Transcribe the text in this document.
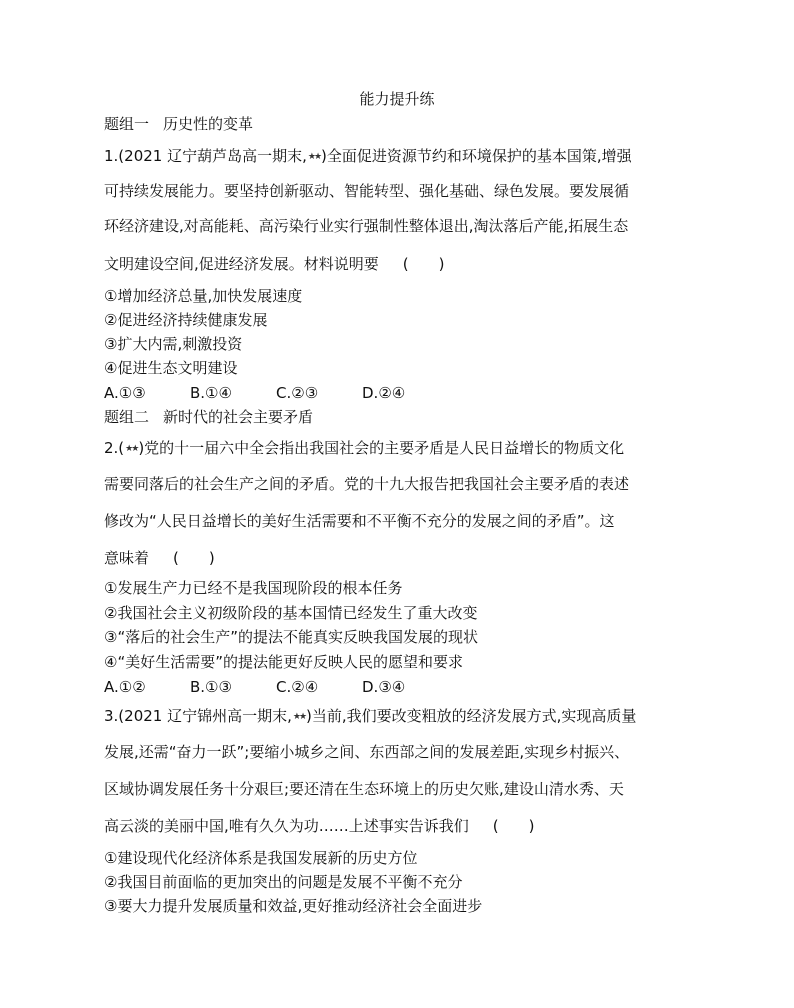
能力提升练
题组一 历史性的变革
1.(2021 辽宁葫芦岛高一期末,★★)全面促进资源节约和环境保护的基本国策,增强
可持续发展能力。要坚持创新驱动、智能转型、强化基础、绿色发展。要发展循
环经济建设,对高能耗、高污染行业实行强制性整体退出,淘汰落后产能,拓展生态
文明建设空间,促进经济发展。材料说明要 (　　)
①增加经济总量,加快发展速度
②促进经济持续健康发展
③扩大内需,刺激投资
④促进生态文明建设
A.①③	B.①④	C.②③	D.②④
题组二 新时代的社会主要矛盾
2.(★★)党的十一届六中全会指出我国社会的主要矛盾是人民日益增长的物质文化
需要同落后的社会生产之间的矛盾。党的十九大报告把我国社会主要矛盾的表述
修改为“人民日益增长的美好生活需要和不平衡不充分的发展之间的矛盾”。这
意味着 (　　)
①发展生产力已经不是我国现阶段的根本任务
②我国社会主义初级阶段的基本国情已经发生了重大改变
③“落后的社会生产”的提法不能真实反映我国发展的现状
④“美好生活需要”的提法能更好反映人民的愿望和要求
A.①②	B.①③	C.②④	D.③④
3.(2021 辽宁锦州高一期末,★★)当前,我们要改变粗放的经济发展方式,实现高质量
发展,还需“奋力一跃”;要缩小城乡之间、东西部之间的发展差距,实现乡村振兴、
区域协调发展任务十分艰巨;要还清在生态环境上的历史欠账,建设山清水秀、天
高云淡的美丽中国,唯有久久为功……上述事实告诉我们 (　　)
①建设现代化经济体系是我国发展新的历史方位
②我国目前面临的更加突出的问题是发展不平衡不充分
③要大力提升发展质量和效益,更好推动经济社会全面进步
